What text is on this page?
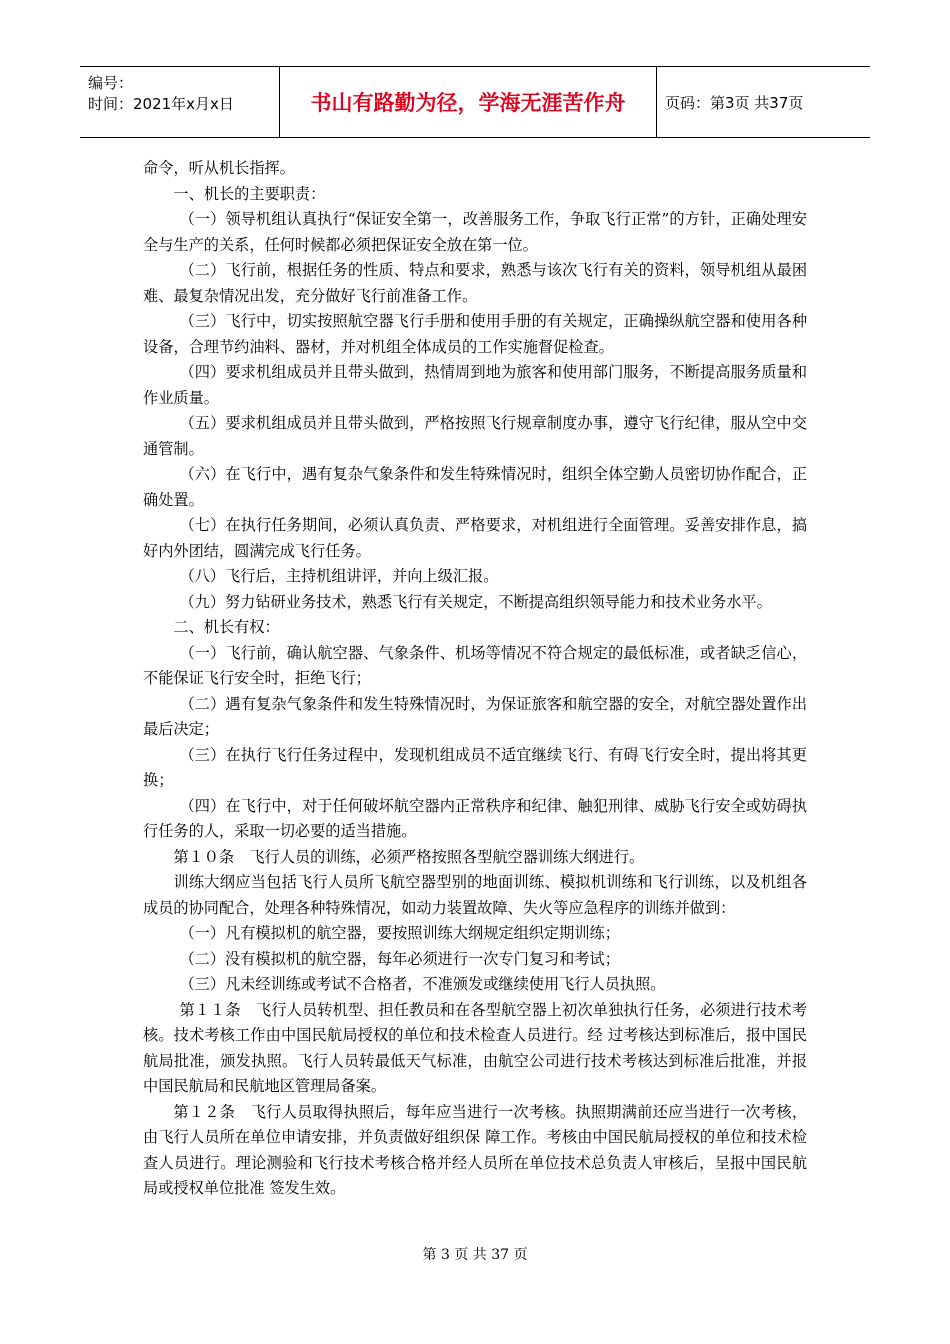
编号：
时间：2021年x月x日	书山有路勤为径，学海无涯苦作舟	页码：第3页 共37页

命令，听从机长指挥。

一、机长的主要职责：

（一）领导机组认真执行“保证安全第一，改善服务工作，争取飞行正常”的方针，正确处理安全与生产的关系，任何时候都必须把保证安全放在第一位。

（二）飞行前，根据任务的性质、特点和要求，熟悉与该次飞行有关的资料，领导机组从最困难、最复杂情况出发，充分做好飞行前准备工作。

（三）飞行中，切实按照航空器飞行手册和使用手册的有关规定，正确操纵航空器和使用各种设备，合理节约油料、器材，并对机组全体成员的工作实施督促检查。

（四）要求机组成员并且带头做到，热情周到地为旅客和使用部门服务，不断提高服务质量和作业质量。

（五）要求机组成员并且带头做到，严格按照飞行规章制度办事，遵守飞行纪律，服从空中交通管制。

（六）在飞行中，遇有复杂气象条件和发生特殊情况时，组织全体空勤人员密切协作配合，正确处置。

（七）在执行任务期间，必须认真负责、严格要求，对机组进行全面管理。妥善安排作息，搞好内外团结，圆满完成飞行任务。

（八）飞行后，主持机组讲评，并向上级汇报。

（九）努力钻研业务技术，熟悉飞行有关规定，不断提高组织领导能力和技术业务水平。

二、机长有权：

（一）飞行前，确认航空器、气象条件、机场等情况不符合规定的最低标准，或者缺乏信心，不能保证飞行安全时，拒绝飞行；

（二）遇有复杂气象条件和发生特殊情况时，为保证旅客和航空器的安全，对航空器处置作出最后决定；

（三）在执行飞行任务过程中，发现机组成员不适宜继续飞行、有碍飞行安全时，提出将其更换；

（四）在飞行中，对于任何破坏航空器内正常秩序和纪律、触犯刑律、威胁飞行安全或妨碍执行任务的人，采取一切必要的适当措施。

第１０条　飞行人员的训练，必须严格按照各型航空器训练大纲进行。

训练大纲应当包括飞行人员所飞航空器型别的地面训练、模拟机训练和飞行训练，以及机组各成员的协同配合，处理各种特殊情况，如动力装置故障、失火等应急程序的训练并做到：

（一）凡有模拟机的航空器，要按照训练大纲规定组织定期训练；

（二）没有模拟机的航空器，每年必须进行一次专门复习和考试；

（三）凡未经训练或考试不合格者，不准颁发或继续使用飞行人员执照。

第１１条　飞行人员转机型、担任教员和在各型航空器上初次单独执行任务，必须进行技术考核。技术考核工作由中国民航局授权的单位和技术检查人员进行。经 过考核达到标准后，报中国民航局批准，颁发执照。飞行人员转最低天气标准，由航空公司进行技术考核达到标准后批准，并报中国民航局和民航地区管理局备案。

第１２条　飞行人员取得执照后，每年应当进行一次考核。执照期满前还应当进行一次考核，由飞行人员所在单位申请安排，并负责做好组织保 障工作。考核由中国民航局授权的单位和技术检查人员进行。理论测验和飞行技术考核合格并经人员所在单位技术总负责人审核后，呈报中国民航局或授权单位批准 签发生效。

第 3 页 共 37 页
